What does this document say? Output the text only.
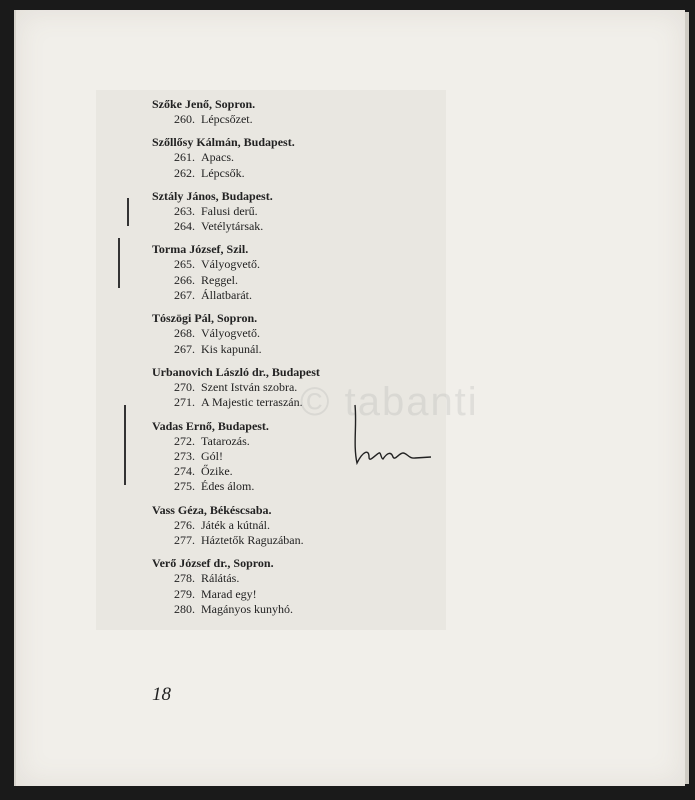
Szőke Jenő, Sopron.
260. Lépcsőzet.
Szőllősy Kálmán, Budapest.
261. Apacs.
262. Lépcsők.
Sztály János, Budapest.
263. Falusi derű.
264. Vetélytársak.
Torma József, Szil.
265. Vályogvető.
266. Reggel.
267. Állatbarát.
Tószögi Pál, Sopron.
268. Vályogvető.
267. Kis kapunál.
Urbanovich László dr., Budapest
270. Szent István szobra.
271. A Majestic terraszán.
Vadas Ernő, Budapest.
272. Tatarozás.
273. Gól!
274. Őzike.
275. Édes álom.
Vass Géza, Békéscsaba.
276. Játék a kútnál.
277. Háztetők Raguzában.
Verő József dr., Sopron.
278. Rálátás.
279. Marad egy!
280. Magányos kunyhó.
© tabanti
18
